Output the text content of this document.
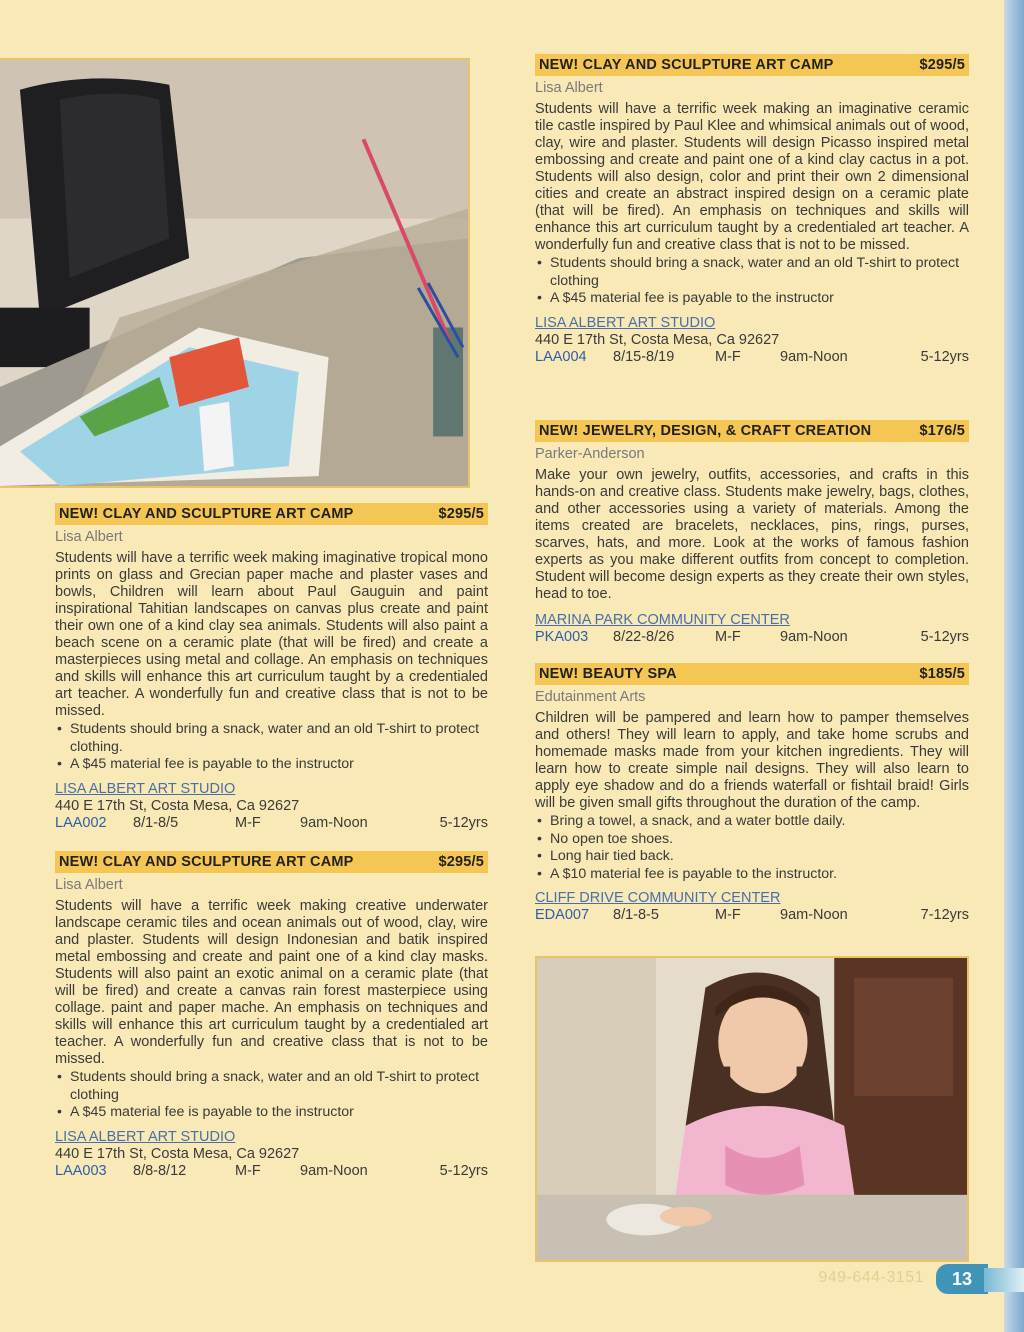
NEW! CLAY AND SCULPTURE ART CAMP	$295/5
Lisa Albert

Students will have a terrific week making imaginative tropical mono prints on glass and Grecian paper mache and plaster vases and bowls, Children will learn about Paul Gauguin and paint inspirational Tahitian landscapes on canvas plus create and paint their own one of a kind clay sea animals. Students will also paint a beach scene on a ceramic plate (that will be fired) and create a masterpieces using metal and collage. An emphasis on techniques and skills will enhance this art curriculum taught by a credentialed art teacher. A wonderfully fun and creative class that is not to be missed.

• Students should bring a snack, water and an old T-shirt to protect clothing.
• A $45 material fee is payable to the instructor
LISA ALBERT ART STUDIO
440 E 17th St, Costa Mesa, Ca 92627
LAA002	8/1-8/5	M-F	9am-Noon	5-12yrs
NEW! CLAY AND SCULPTURE ART CAMP	$295/5
Lisa Albert

Students will have a terrific week making creative underwater landscape ceramic tiles and ocean animals out of wood, clay, wire and plaster. Students will design Indonesian and batik inspired metal embossing and create and paint one of a kind clay masks. Students will also paint an exotic animal on a ceramic plate (that will be fired) and create a canvas rain forest masterpiece using collage. paint and paper mache. An emphasis on techniques and skills will enhance this art curriculum taught by a credentialed art teacher. A wonderfully fun and creative class that is not to be missed.

• Students should bring a snack, water and an old T-shirt to protect clothing
• A $45 material fee is payable to the instructor
LISA ALBERT ART STUDIO
440 E 17th St, Costa Mesa, Ca 92627
LAA003	8/8-8/12	M-F	9am-Noon	5-12yrs
NEW! CLAY AND SCULPTURE ART CAMP	$295/5
Lisa Albert

Students will have a terrific week making an imaginative ceramic tile castle inspired by Paul Klee and whimsical animals out of wood, clay, wire and plaster. Students will design Picasso inspired metal embossing and create and paint one of a kind clay cactus in a pot. Students will also design, color and print their own 2 dimensional cities and create an abstract inspired design on a ceramic plate (that will be fired). An emphasis on techniques and skills will enhance this art curriculum taught by a credentialed art teacher. A wonderfully fun and creative class that is not to be missed.

• Students should bring a snack, water and an old T-shirt to protect clothing
• A $45 material fee is payable to the instructor
LISA ALBERT ART STUDIO
440 E 17th St, Costa Mesa, Ca 92627
LAA004	8/15-8/19	M-F	9am-Noon	5-12yrs
NEW! JEWELRY, DESIGN, & CRAFT CREATION	$176/5
Parker-Anderson

Make your own jewelry, outfits, accessories, and crafts in this hands-on and creative class. Students make jewelry, bags, clothes, and other accessories using a variety of materials. Among the items created are bracelets, necklaces, pins, rings, purses, scarves, hats, and more. Look at the works of famous fashion experts as you make different outfits from concept to completion. Student will become design experts as they create their own styles, head to toe.

MARINA PARK COMMUNITY CENTER
PKA003	8/22-8/26	M-F	9am-Noon	5-12yrs
NEW! BEAUTY SPA	$185/5
Edutainment Arts

Children will be pampered and learn how to pamper themselves and others! They will learn to apply, and take home scrubs and homemade masks made from your kitchen ingredients. They will learn how to create simple nail designs. They will also learn to apply eye shadow and do a friends waterfall or fishtail braid! Girls will be given small gifts throughout the duration of the camp.

• Bring a towel, a snack, and a water bottle daily.
• No open toe shoes.
• Long hair tied back.
• A $10 material fee is payable to the instructor.
CLIFF DRIVE COMMUNITY CENTER
EDA007	8/1-8-5	M-F	9am-Noon	7-12yrs
949-644-3151 13
